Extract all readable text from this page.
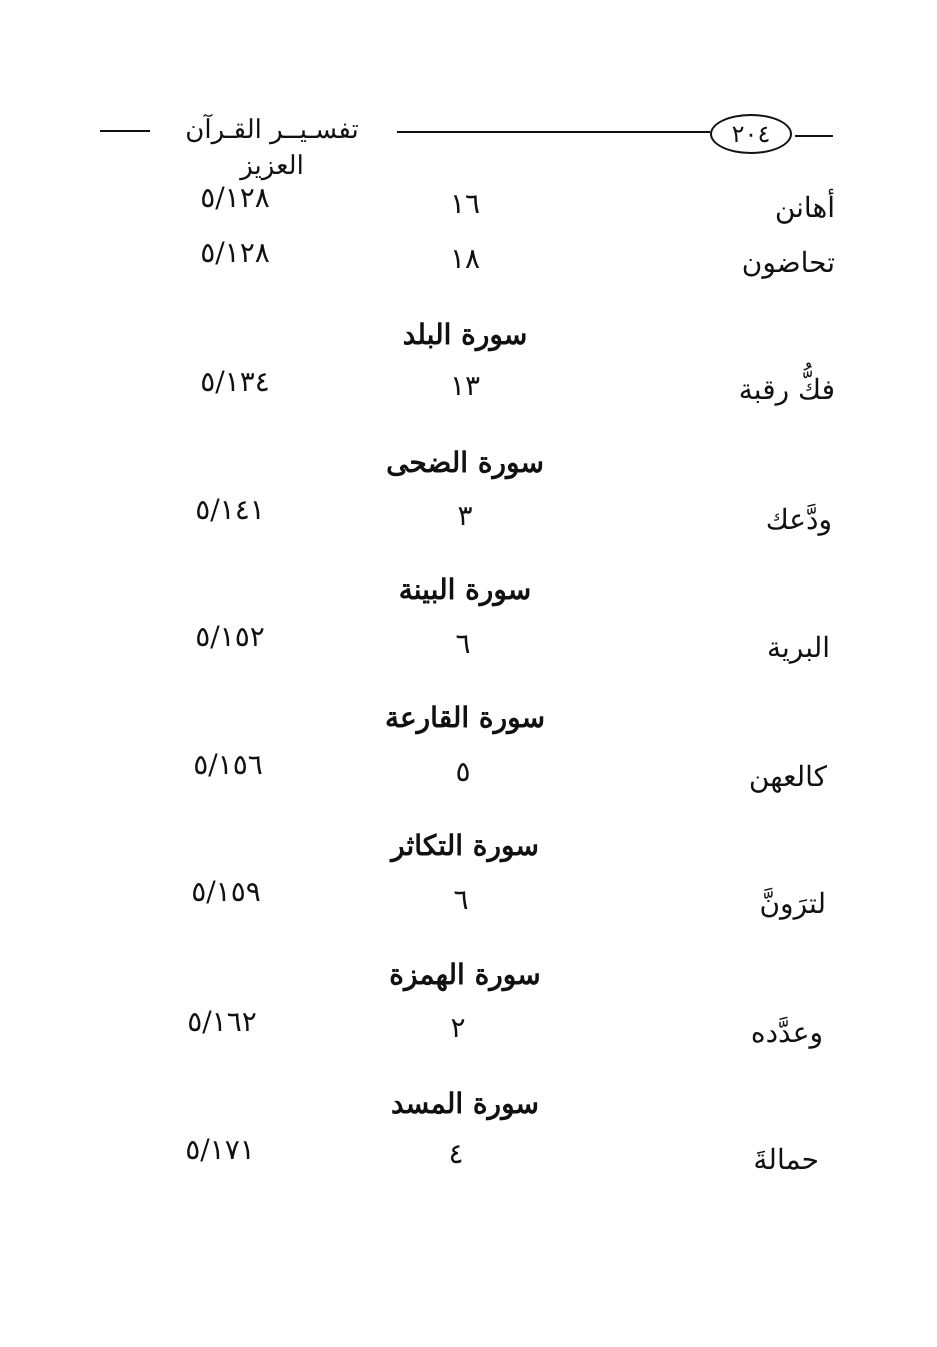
تفسـيــر القـرآن العزيز
٢٠٤
أهانن
١٦
٥/١٢٨
تحاضون
١٨
٥/١٢٨
سورة البلد
فكُّ رقبة
١٣
٥/١٣٤
سورة الضحى
ودَّعك
٣
٥/١٤١
سورة البينة
البرية
٦
٥/١٥٢
سورة القارعة
كالعهن
٥
٥/١٥٦
سورة التكاثر
لترَونَّ
٦
٥/١٥٩
سورة الهمزة
وعدَّده
٢
٥/١٦٢
سورة المسد
حمالةَ
٤
٥/١٧١
